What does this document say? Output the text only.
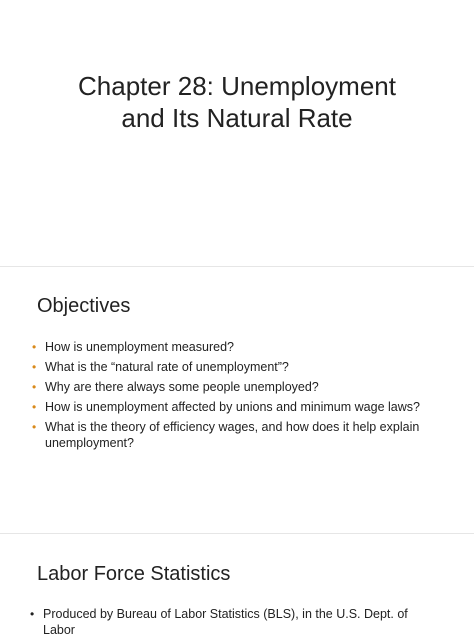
Chapter 28: Unemployment
and Its Natural Rate
Objectives
• How is unemployment measured?
• What is the “natural rate of unemployment”?
• Why are there always some people unemployed?
• How is unemployment affected by unions and minimum wage laws?
• What is the theory of efficiency wages, and how does it help explain unemployment?
Labor Force Statistics
• Produced by Bureau of Labor Statistics (BLS), in the U.S. Dept. of Labor
